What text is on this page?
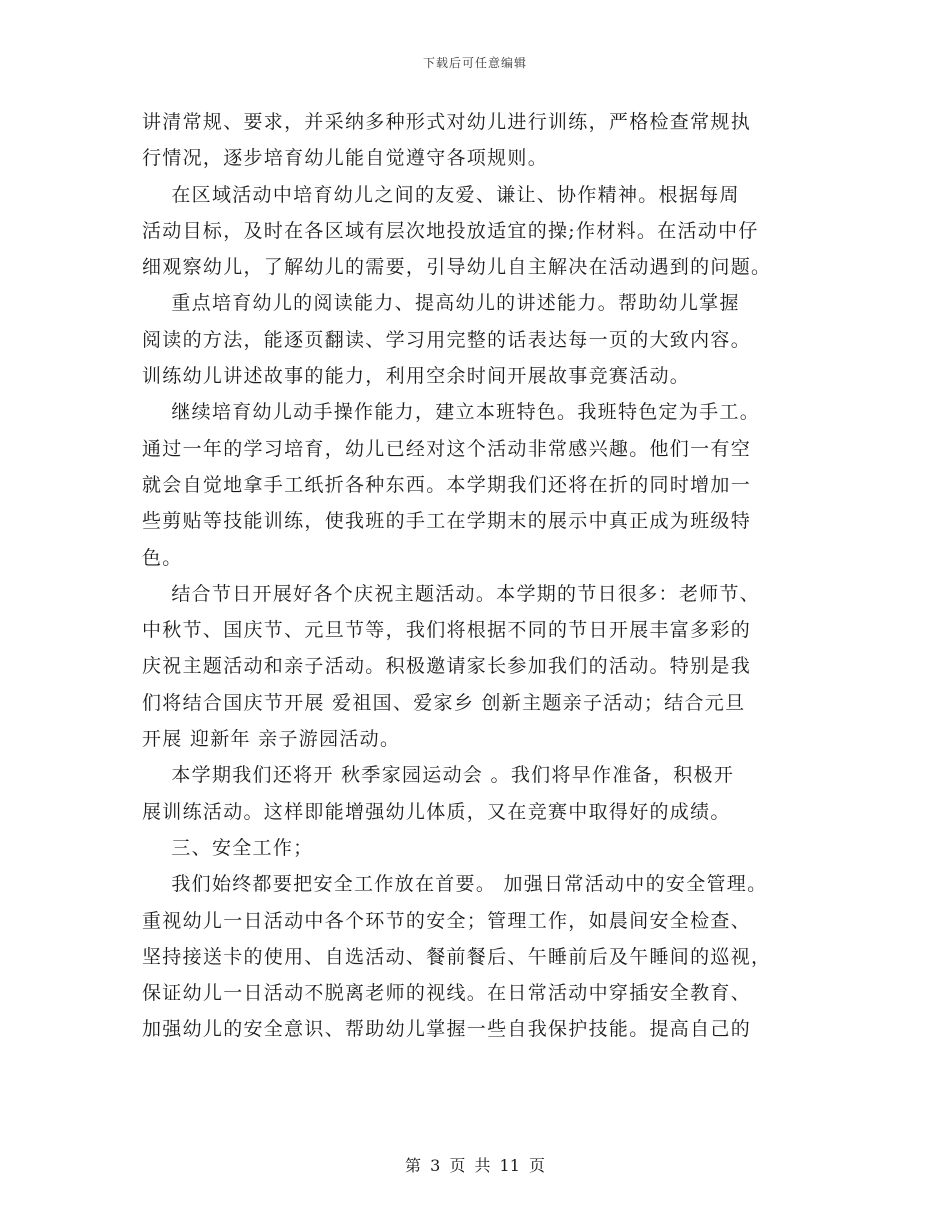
下载后可任意编辑
讲清常规、要求，并采纳多种形式对幼儿进行训练，严格检查常规执
行情况，逐步培育幼儿能自觉遵守各项规则。
在区域活动中培育幼儿之间的友爱、谦让、协作精神。根据每周
活动目标，及时在各区域有层次地投放适宜的操;作材料。在活动中仔
细观察幼儿，了解幼儿的需要，引导幼儿自主解决在活动遇到的问题。
重点培育幼儿的阅读能力、提高幼儿的讲述能力。帮助幼儿掌握
阅读的方法，能逐页翻读、学习用完整的话表达每一页的大致内容。
训练幼儿讲述故事的能力，利用空余时间开展故事竞赛活动。
继续培育幼儿动手操作能力，建立本班特色。我班特色定为手工。
通过一年的学习培育，幼儿已经对这个活动非常感兴趣。他们一有空
就会自觉地拿手工纸折各种东西。本学期我们还将在折的同时增加一
些剪贴等技能训练，使我班的手工在学期末的展示中真正成为班级特
色。
结合节日开展好各个庆祝主题活动。本学期的节日很多：老师节、
中秋节、国庆节、元旦节等，我们将根据不同的节日开展丰富多彩的
庆祝主题活动和亲子活动。积极邀请家长参加我们的活动。特别是我
们将结合国庆节开展 爱祖国、爱家乡 创新主题亲子活动；结合元旦
开展 迎新年 亲子游园活动。
本学期我们还将开 秋季家园运动会 。我们将早作准备，积极开
展训练活动。这样即能增强幼儿体质，又在竞赛中取得好的成绩。
三、安全工作；
我们始终都要把安全工作放在首要。 加强日常活动中的安全管理。
重视幼儿一日活动中各个环节的安全；管理工作，如晨间安全检查、
坚持接送卡的使用、自选活动、餐前餐后、午睡前后及午睡间的巡视，
保证幼儿一日活动不脱离老师的视线。在日常活动中穿插安全教育、
加强幼儿的安全意识、帮助幼儿掌握一些自我保护技能。提高自己的
第 3 页 共 11 页
